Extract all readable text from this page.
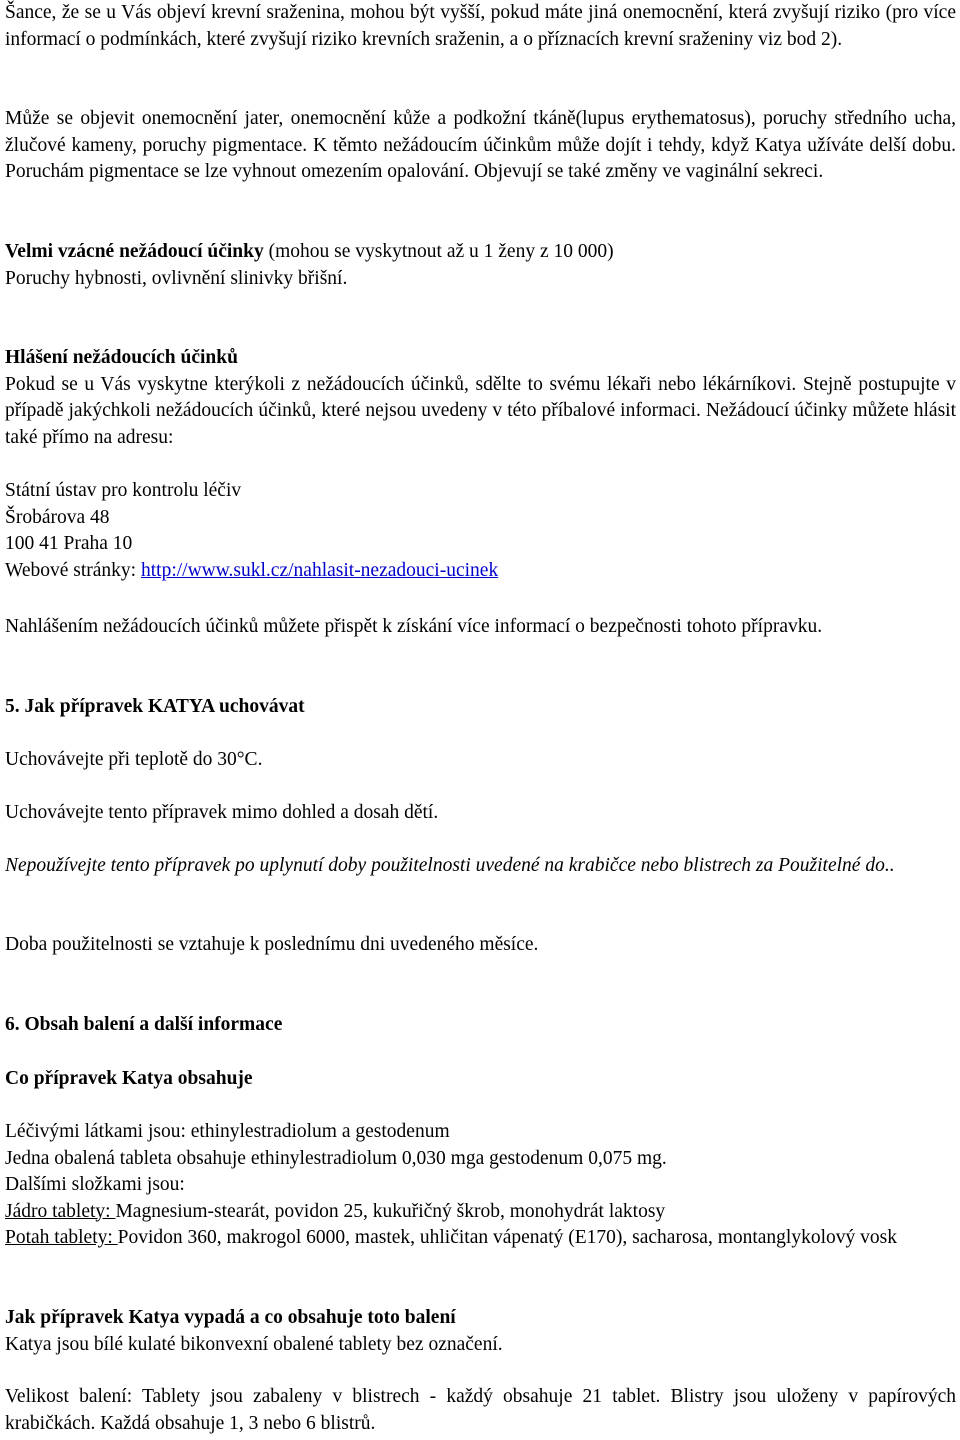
Šance, že se u Vás objeví krevní sraženina, mohou být vyšší, pokud máte jiná onemocnění, která zvyšují riziko (pro více informací o podmínkách, které zvyšují riziko krevních sraženin, a o příznacích krevní sraženiny viz bod 2).

Může se objevit onemocnění jater, onemocnění kůže a podkožní tkáně(lupus erythematosus), poruchy středního ucha, žlučové kameny, poruchy pigmentace. K těmto nežádoucím účinkům může dojít i tehdy, když Katya užíváte delší dobu. Poruchám pigmentace se lze vyhnout omezením opalování. Objevují se také změny ve vaginální sekreci.

Velmi vzácné nežádoucí účinky (mohou se vyskytnout až u 1 ženy z 10 000)
Poruchy hybnosti, ovlivnění slinivky břišní.
Hlášení nežádoucích účinků

Pokud se u Vás vyskytne kterýkoli z nežádoucích účinků, sdělte to svému lékaři nebo lékárníkovi. Stejně postupujte v případě jakýchkoli nežádoucích účinků, které nejsou uvedeny v této příbalové informaci. Nežádoucí účinky můžete hlásit také přímo na adresu:

Státní ústav pro kontrolu léčiv
Šrobárova 48
100 41 Praha 10
Webové stránky: http://www.sukl.cz/nahlasit-nezadouci-ucinek

Nahlášením nežádoucích účinků můžete přispět k získání více informací o bezpečnosti tohoto přípravku.

5. Jak přípravek KATYA uchovávat
Uchovávejte při teplotě do 30°C.
Uchovávejte tento přípravek mimo dohled a dosah dětí.

Nepoužívejte tento přípravek po uplynutí doby použitelnosti uvedené na krabičce nebo blistrech za Použitelné do..

Doba použitelnosti se vztahuje k poslednímu dni uvedeného měsíce.
6. Obsah balení a další informace
Co přípravek Katya obsahuje
Léčivými látkami jsou: ethinylestradiolum a gestodenum
Jedna obalená tableta obsahuje ethinylestradiolum 0,030 mga gestodenum 0,075 mg.
Dalšími složkami jsou:
Jádro tablety: Magnesium-stearát, povidon 25, kukuřičný škrob, monohydrát laktosy

Potah tablety: Povidon 360, makrogol 6000, mastek, uhličitan vápenatý (E170), sacharosa, montanglykolový vosk

Jak přípravek Katya vypadá a co obsahuje toto balení
Katya jsou bílé kulaté bikonvexní obalené tablety bez označení.

Velikost balení: Tablety jsou zabaleny v blistrech - každý obsahuje 21 tablet. Blistry jsou uloženy v papírových krabičkách. Každá obsahuje 1, 3 nebo 6 blistrů.
